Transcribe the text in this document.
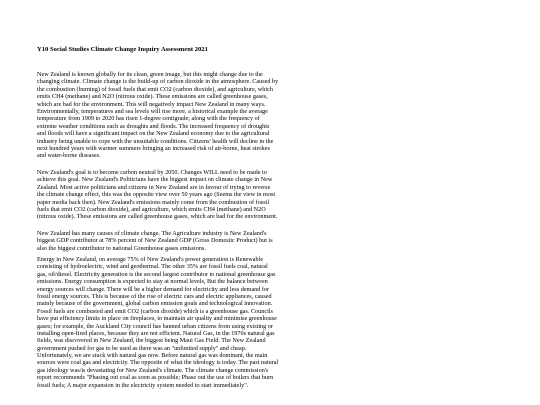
Y10 Social Studies Climate Change Inquiry Assessment 2021
New Zealand is known globally for its clean, green image, but this might change due to the
changing climate. Climate change is the build-up of carbon dioxide in the atmosphere. Caused by
the combustion (burning) of fossil fuels that emit CO2 (carbon dioxide), and agriculture, which
emits CH4 (methane) and N2O (nitrous oxide). These emissions are called greenhouse gases,
which are bad for the environment. This will negatively impact New Zealand in many ways.
Environmentally, temperatures and sea levels will rise more, a historical example the average
temperature from 1909 to 2020 has risen 1-degree centigrade; along with the frequency of
extreme weather conditions such as droughts and floods. The increased frequency of droughts
and floods will have a significant impact on the New Zealand economy due to the agricultural
industry being unable to cope with the unsuitable conditions. Citizens' health will decline in the
next hundred years with warmer summers bringing an increased risk of air-borne, heat strokes
and water-borne diseases.
New Zealand's goal is to become carbon neutral by 2050. Changes WILL need to be made to
achieve this goal. New Zealand's Politicians have the biggest impact on climate change in New
Zealand. Most active politicians and citizens in New Zealand are in favour of trying to reverse
the climate change effect, this was the opposite view over 50 years ago (Seems the view in most
paper media back then). New Zealand's emissions mainly come from the combustion of fossil
fuels that emit CO2 (carbon dioxide), and agriculture, which emits CH4 (methane) and N2O
(nitrous oxide). These emissions are called greenhouse gases, which are bad for the environment.
New Zealand has many causes of climate change. The Agriculture industry is New Zealand's
biggest GDP contributor at 78% percent of New Zealand GDP (Gross Domestic Product) but is
also the biggest contributor to national Greenhouse gases emissions.
Energy in New Zealand, on average 75% of New Zealand's power generation is Renewable
consisting of hydroelectric, wind and geothermal. The other 35% are fossil fuels coal, natural
gas, oil/diesel. Electricity generation is the second largest contributor to national greenhouse gas
emissions. Energy consumption is expected to stay at normal levels, But the balance between
energy sources will change. There will be a higher demand for electricity and less demand for
fossil energy sources. This is because of the rise of electric cars and electric appliances, caused
mainly because of the government, global carbon emission goals and technological innovation.
Fossil fuels are combusted and emit CO2 (carbon dioxide) which is a greenhouse gas. Councils
have put efficiency limits in place on fireplaces, to maintain air quality and minimise greenhouse
gases; for example, the Auckland City council has banned urban citizens from using existing or
installing open-fired places, because they are not efficient. Natural Gas, in the 1970s natural gas
fields, was discovered in New Zealand, the biggest being Maui Gas Field. The New Zealand
government pushed for gas to be used as there was an "unlimited supply" and cheap.
Unfortunately, we are stuck with natural gas now. Before natural gas was dominant, the main
sources were coal gas and electricity. The opposite of what the ideology is today. The past natural
gas ideology was/is devastating for New Zealand's climate. The climate change commission's
report recommends "Phasing out coal as soon as possible; Phase out the use of boilers that burn
fossil fuels; A major expansion in the electricity system needed to start immediately".
